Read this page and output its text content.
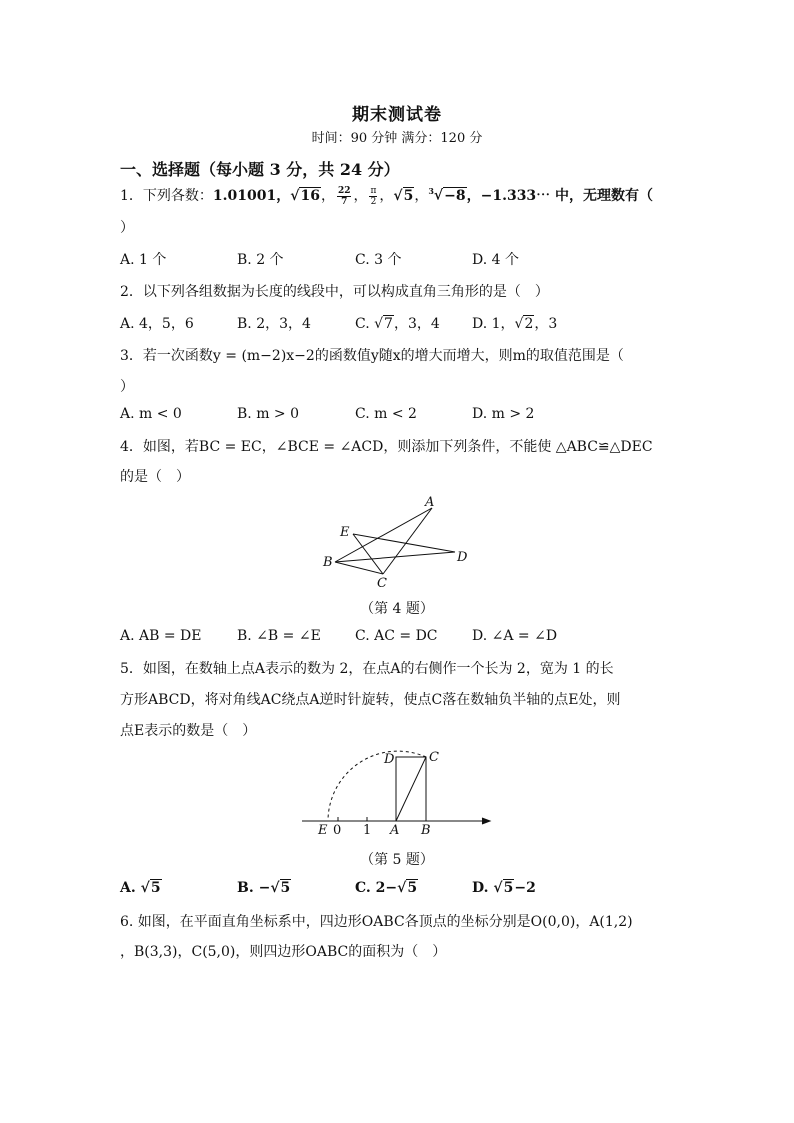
期末测试卷
时间：90 分钟 满分：120 分
一、选择题（每小题 3 分，共 24 分）
1．下列各数：1.01001，√16， $\frac{22}{7}$ ， $\frac{\pi}{2}$ ，√5，$^3$√−8，−1.333⋯ 中，无理数有（
）
A. 1 个	B. 2 个	C. 3 个	D. 4 个
2．以下列各组数据为长度的线段中，可以构成直角三角形的是（　）
A. 4，5，6	B. 2，3，4	C. √7，3，4 D. 1，√2，3
3．若一次函数y = (m−2)x−2的函数值y随x的增大而增大，则m的取值范围是（
）
A. m < 0	B. m > 0	C. m < 2	D. m > 2
4．如图，若BC = EC，∠BCE = ∠ACD，则添加下列条件，不能使 △ABC≌△DEC
的是（　）
A
B
C
D
E
（第 4 题）
A. AB = DE	B. ∠B = ∠E C. AC = DC D. ∠A = ∠D
5．如图，在数轴上点A表示的数为 2，在点A的右侧作一个长为 2，宽为 1 的长
方形ABCD，将对角线AC绕点A逆时针旋转，使点C落在数轴负半轴的点E处，则
点E表示的数是（　）
E 0 1 A B
C
D
（第 5 题）
A. √5	B. −√5	C. 2−√5	D. √5−2
6. 如图，在平面直角坐标系中，四边形OABC各顶点的坐标分别是O(0,0)，A(1,2)
，B(3,3)，C(5,0)，则四边形OABC的面积为（　）
